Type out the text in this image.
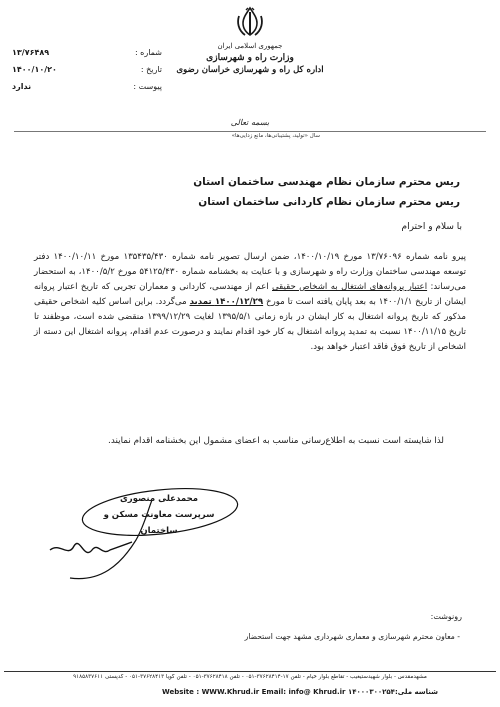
جمهوری اسلامی ایران
وزارت راه و شهرسازی
اداره کل راه و شهرسازی خراسان رضوی
شماره :
۱۳/۷۶۴۸۹
تاریخ :
۱۴۰۰/۱۰/۲۰
پیوست :
ندارد
بسمه تعالی
سال «تولید، پشتیبانی‌ها، مانع زدایی‌ها»
ریس محترم سازمان نظام مهندسی ساختمان استان
ریس محترم سازمان نظام کاردانی ساختمان استان
با سلام و احترام

پیرو نامه شماره ۱۳/۷۶۰۹۶ مورخ ۱۴۰۰/۱۰/۱۹، ضمن ارسال تصویر نامه شماره ۱۳۵۴۳۵/۴۳۰ مورخ ۱۴۰۰/۱۰/۱۱ دفتر توسعه مهندسی ساختمان وزارت راه و شهرسازی و با عنایت به بخشنامه شماره ۵۴۱۲۵/۴۳۰ مورخ ۱۴۰۰/۵/۲، به استحضار می‌رساند: اعتبار پروانه‌های اشتغال به اشخاص حقیقی اعم از مهندسی، کاردانی و معماران تجربی که تاریخ اعتبار پروانه ایشان از تاریخ ۱۴۰۰/۱/۱ به بعد پایان یافته است تا مورخ ۱۴۰۰/۱۲/۲۹ تمدید می‌گردد. براین اساس کلیه اشخاص حقیقی مذکور که تاریخ پروانه اشتغال به کار ایشان در بازه زمانی ۱۳۹۵/۵/۱ لغایت ۱۳۹۹/۱۲/۲۹ منقضی شده است، موظفند تا تاریخ ۱۴۰۰/۱۱/۱۵ نسبت به تمدید پروانه اشتغال به کار خود اقدام نمایند و درصورت عدم اقدام، پروانه اشتغال این دسته از اشخاص از تاریخ فوق فاقد اعتبار خواهد بود.

لذا شایسته است نسبت به اطلاع‌رسانی مناسب به اعضای مشمول این بخشنامه اقدام نمایند.
محمدعلی منصوری
سرپرست معاونت مسکن و ساختمان
رونوشت:
- معاون محترم شهرسازی و معماری شهرداری مشهد جهت استحضار
مشهدمقدس - بلوار شهیدستیغیب - تقاطع بلوار خیام - تلفن ۱۷-۳۷۶۲۸۴۱۴-۰۵۱ - تلفن ۳۷۶۲۸۴۱۸-۰۵۱ - تلفن گویا ۳۷۶۲۸۴۱۳-۰۵۱ - کدپستی ۹۱۸۵۸۳۷۶۱۱
Website : WWW.Khrud.ir Email: info@ Khrud.ir شناسه ملی:۱۴۰۰۰۳۰۰۲۵۴
